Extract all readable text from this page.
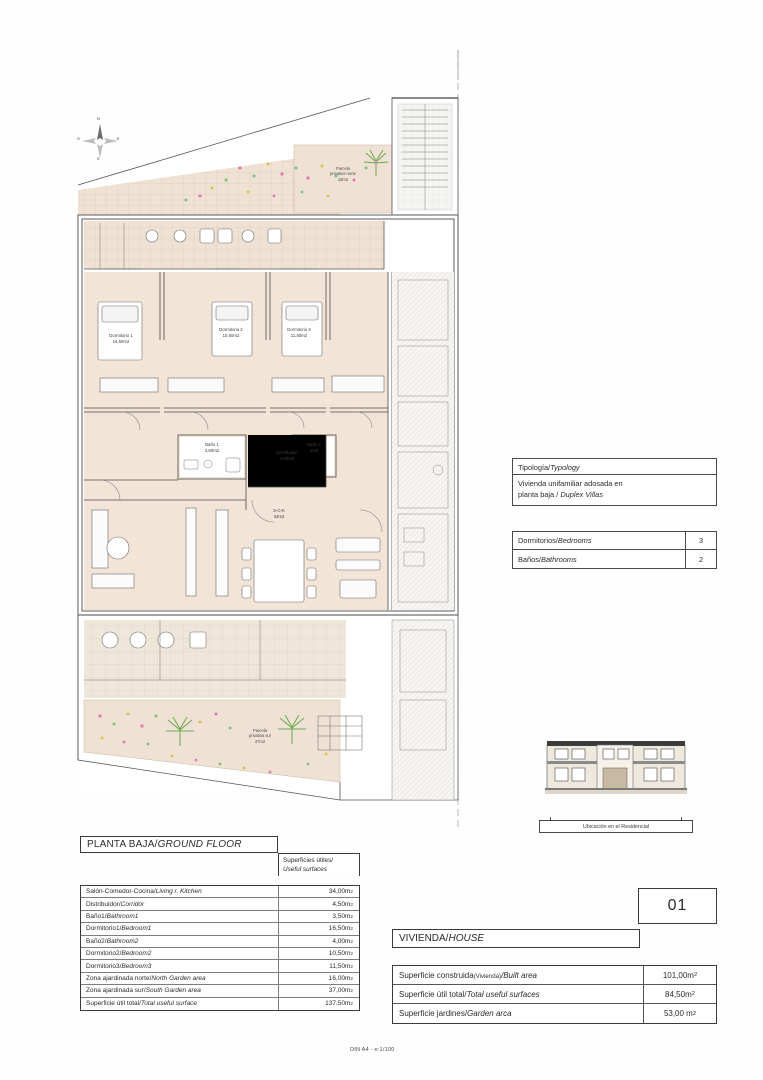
N
S
E
O
Parcela
privativa norte
16m2
Parcela
privativa sur
37m2
Dormitorio 1
16,50m2
Dormitorio 2
10,50m2
Dormitorio 3
11,50m2
Baño 1
3,50m2
Baño 2
4m2
Distribuidor
4,50m2
S-C-K
34m2
Tipología/Typology
Vivienda unifamiliar adosada en
planta baja / Duplex Villas
Dormitorios/Bedrooms	3
Baños/Bathrooms	2
Ubicación en el Residencial
PLANTA BAJA/ GROUND FLOOR
Superficies útiles/
Useful surfaces
Salón-Comedor-Cocina/Living r. Kitchen	34,00m 2
Distribuidor/Corridor	4,50m 2
Baño1/Bathroom1	3,50m 2
Dormitorio1/Bedroom1	16,50m 2
Baño2/Bathroom2	4,00m 2
Dormitorio2/Bedroom2	10,50m 2
Dormitorio3/Bedroom3	11,50m 2
Zona ajardinada norte/North Garden area	16,00m 2
Zona ajardinada sur/South Garden area	37,00m 2
Superficie útil total/Total useful surface	137,50m 2
DIN A4 - e:1/100
01
VIVIENDA/ HOUSE
Superficie construida(Vivienda)/Built area	101,00m 2
Superficie útil total/Total useful surfaces	84,50m 2
Superficie jardines/Garden arca	53,00 m 2
